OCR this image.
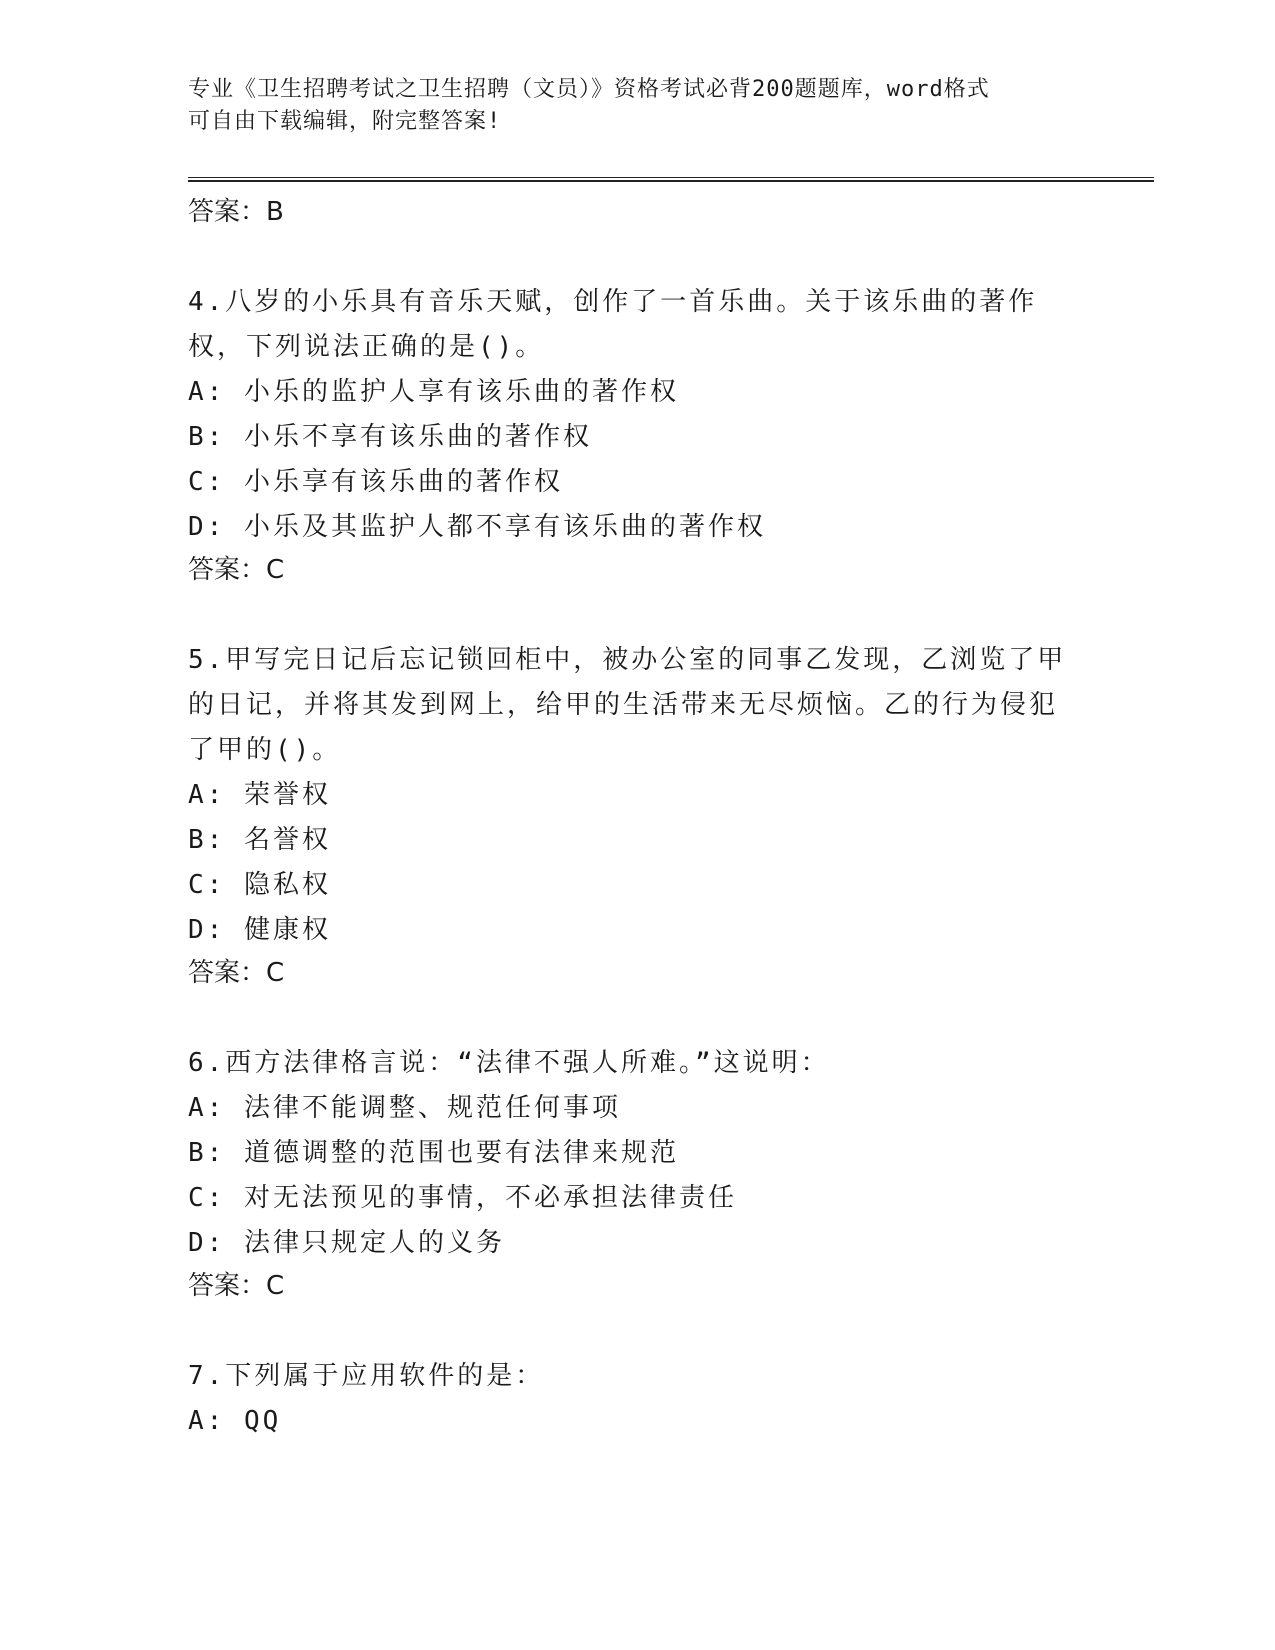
专业《卫生招聘考试之卫生招聘（文员）》资格考试必背200题题库，word格式
可自由下载编辑，附完整答案!
答案：B
4.八岁的小乐具有音乐天赋，创作了一首乐曲。关于该乐曲的著作权，下列说法正确的是()。
A: 小乐的监护人享有该乐曲的著作权
B: 小乐不享有该乐曲的著作权
C: 小乐享有该乐曲的著作权
D: 小乐及其监护人都不享有该乐曲的著作权
答案：C
5.甲写完日记后忘记锁回柜中，被办公室的同事乙发现，乙浏览了甲的日记，并将其发到网上，给甲的生活带来无尽烦恼。乙的行为侵犯了甲的()。
A: 荣誉权
B: 名誉权
C: 隐私权
D: 健康权
答案：C
6.西方法律格言说：“法律不强人所难。”这说明：
A: 法律不能调整、规范任何事项
B: 道德调整的范围也要有法律来规范
C: 对无法预见的事情，不必承担法律责任
D: 法律只规定人的义务
答案：C
7.下列属于应用软件的是：
A: QQ
